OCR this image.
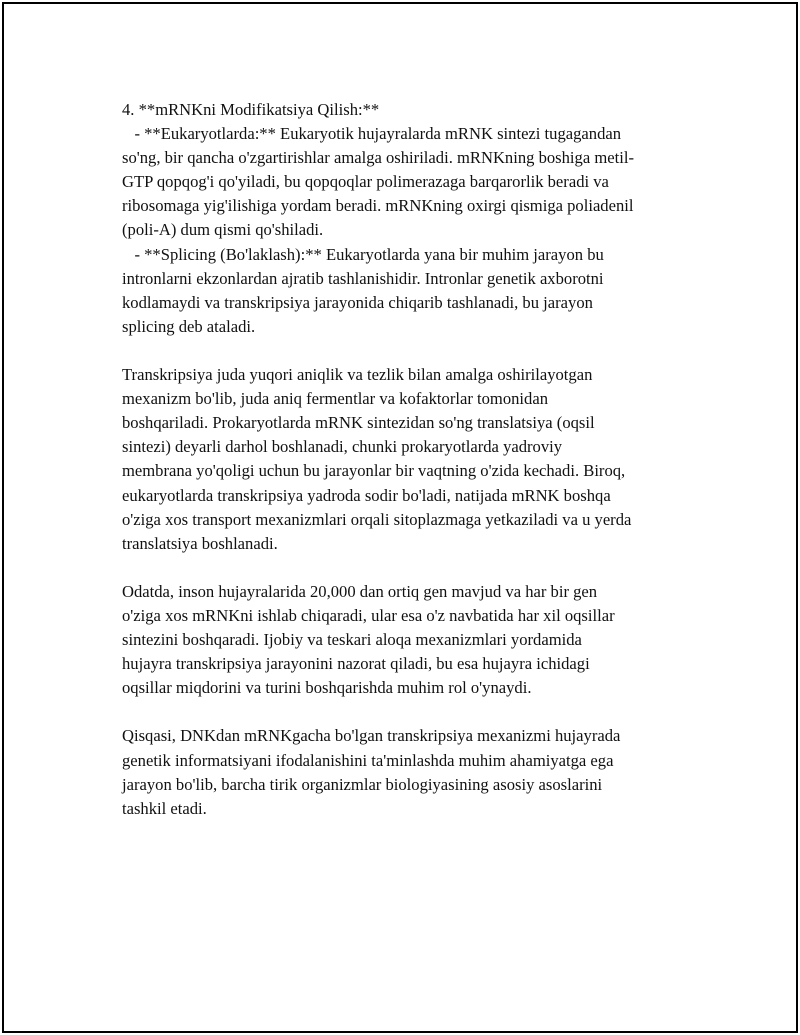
4. **mRNKni Modifikatsiya Qilish:**
- **Eukaryotlarda:** Eukaryotik hujayralarda mRNK sintezi tugagandan
so'ng, bir qancha o'zgartirishlar amalga oshiriladi. mRNKning boshiga metil-
GTP qopqog'i qo'yiladi, bu qopqoqlar polimerazaga barqarorlik beradi va
ribosomaga yig'ilishiga yordam beradi. mRNKning oxirgi qismiga poliadenil
(poli-A) dum qismi qo'shiladi.
- **Splicing (Bo'laklash):** Eukaryotlarda yana bir muhim jarayon bu
intronlarni ekzonlardan ajratib tashlanishidir. Intronlar genetik axborotni
kodlamaydi va transkripsiya jarayonida chiqarib tashlanadi, bu jarayon
splicing deb ataladi.
Transkripsiya juda yuqori aniqlik va tezlik bilan amalga oshirilayotgan
mexanizm bo'lib, juda aniq fermentlar va kofaktorlar tomonidan
boshqariladi. Prokaryotlarda mRNK sintezidan so'ng translatsiya (oqsil
sintezi) deyarli darhol boshlanadi, chunki prokaryotlarda yadroviy
membrana yo'qoligi uchun bu jarayonlar bir vaqtning o'zida kechadi. Biroq,
eukaryotlarda transkripsiya yadroda sodir bo'ladi, natijada mRNK boshqa
o'ziga xos transport mexanizmlari orqali sitoplazmaga yetkaziladi va u yerda
translatsiya boshlanadi.
Odatda, inson hujayralarida 20,000 dan ortiq gen mavjud va har bir gen
o'ziga xos mRNKni ishlab chiqaradi, ular esa o'z navbatida har xil oqsillar
sintezini boshqaradi. Ijobiy va teskari aloqa mexanizmlari yordamida
hujayra transkripsiya jarayonini nazorat qiladi, bu esa hujayra ichidagi
oqsillar miqdorini va turini boshqarishda muhim rol o'ynaydi.
Qisqasi, DNKdan mRNKgacha bo'lgan transkripsiya mexanizmi hujayrada
genetik informatsiyani ifodalanishini ta'minlashda muhim ahamiyatga ega
jarayon bo'lib, barcha tirik organizmlar biologiyasining asosiy asoslarini
tashkil etadi.
